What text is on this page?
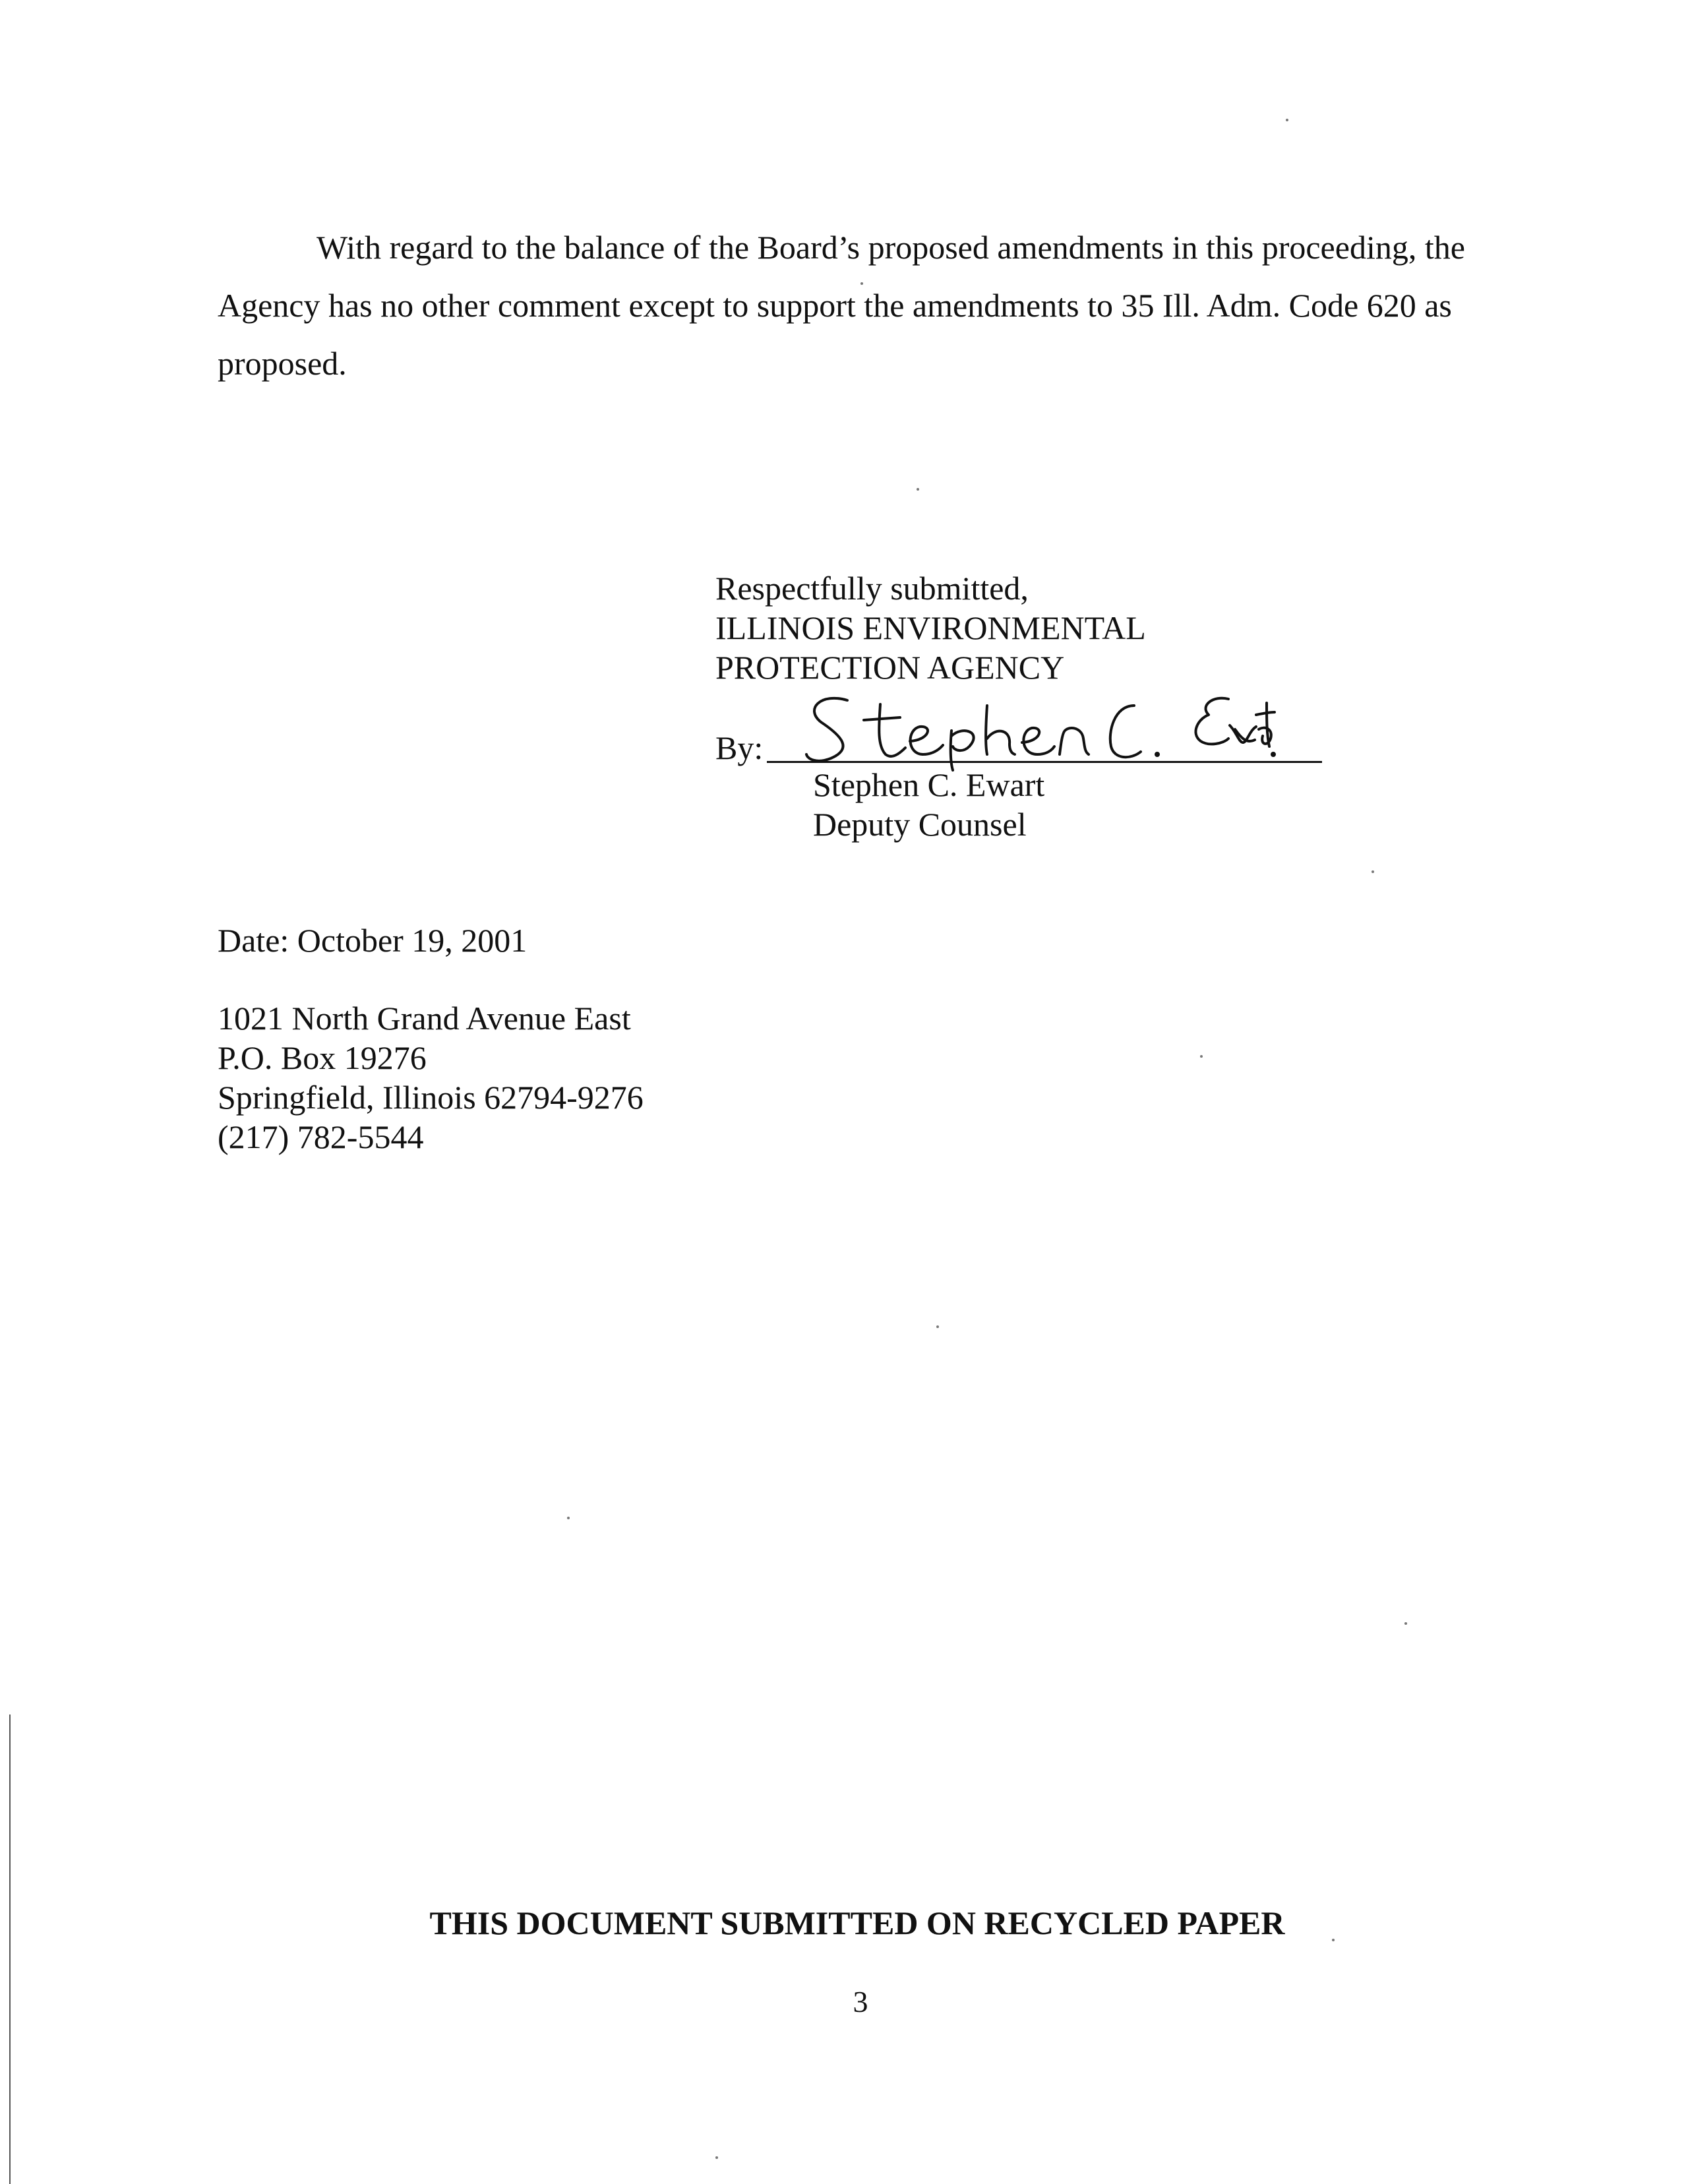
With regard to the balance of the Board’s proposed amendments in this proceeding, the
Agency has no other comment except to support the amendments to 35 Ill. Adm. Code 620 as
proposed.
Respectfully submitted,
ILLINOIS ENVIRONMENTAL
PROTECTION AGENCY
By:
Stephen C. Ewart
Deputy Counsel
Date: October 19, 2001
1021 North Grand Avenue East
P.O. Box 19276
Springfield, Illinois 62794-9276
(217) 782-5544
THIS DOCUMENT SUBMITTED ON RECYCLED PAPER
3
